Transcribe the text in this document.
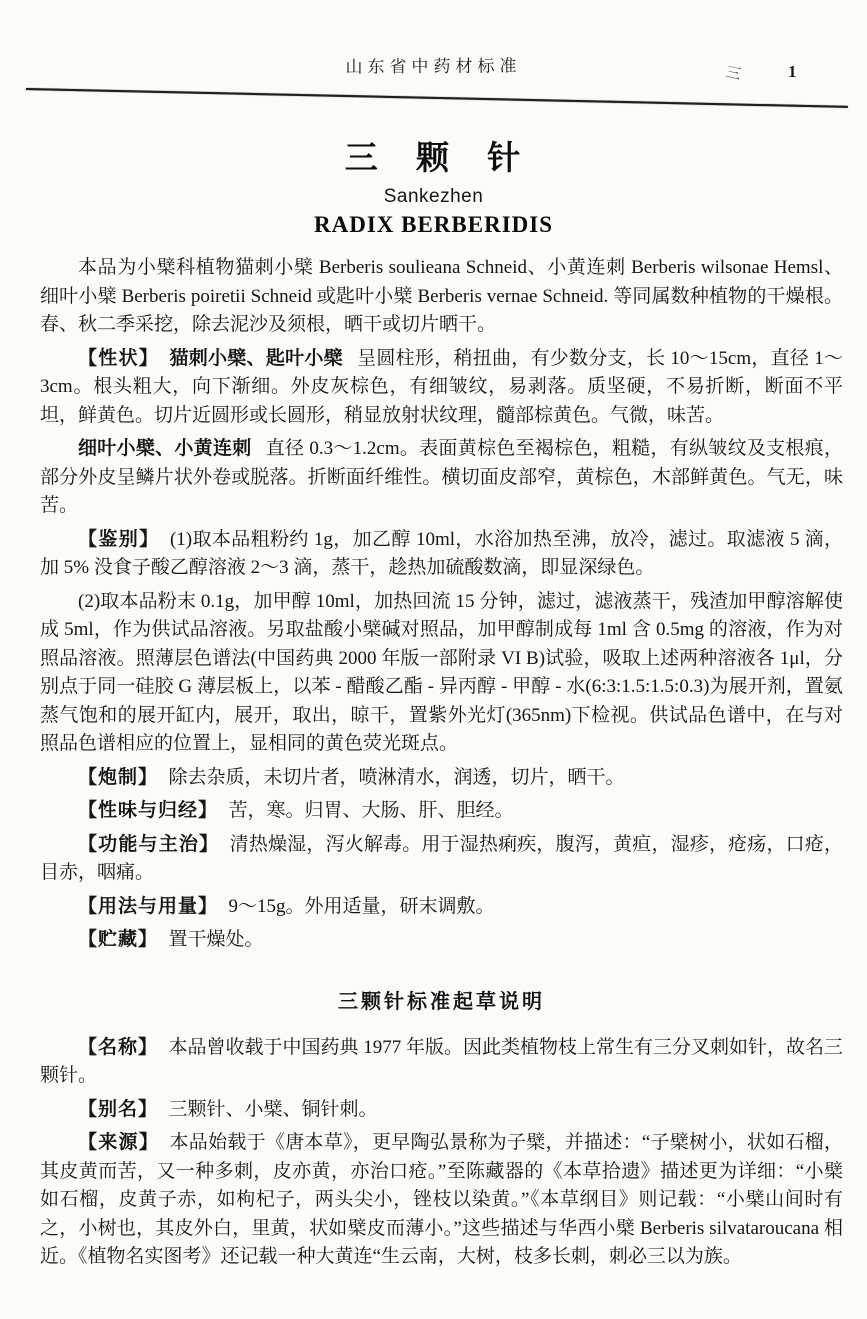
山东省中药材标准	三	1
三 颗 针
Sankezhen
RADIX BERBERIDIS

本品为小檗科植物猫刺小檗 Berberis soulieana Schneid、小黄连刺 Berberis wilsonae Hemsl、细叶小檗 Berberis poiretii Schneid 或匙叶小檗 Berberis vernae Schneid. 等同属数种植物的干燥根。春、秋二季采挖，除去泥沙及须根，晒干或切片晒干。

【性状】 猫刺小檗、匙叶小檗 呈圆柱形，稍扭曲，有少数分支，长 10～15cm，直径 1～3cm。根头粗大，向下渐细。外皮灰棕色，有细皱纹，易剥落。质坚硬，不易折断，断面不平坦，鲜黄色。切片近圆形或长圆形，稍显放射状纹理，髓部棕黄色。气微，味苦。

细叶小檗、小黄连刺 直径 0.3～1.2cm。表面黄棕色至褐棕色，粗糙，有纵皱纹及支根痕，部分外皮呈鳞片状外卷或脱落。折断面纤维性。横切面皮部窄，黄棕色，木部鲜黄色。气无，味苦。

【鉴别】 (1)取本品粗粉约 1g，加乙醇 10ml，水浴加热至沸，放冷，滤过。取滤液 5 滴，加 5% 没食子酸乙醇溶液 2～3 滴，蒸干，趁热加硫酸数滴，即显深绿色。

(2)取本品粉末 0.1g，加甲醇 10ml，加热回流 15 分钟，滤过，滤液蒸干，残渣加甲醇溶解使成 5ml，作为供试品溶液。另取盐酸小檗碱对照品，加甲醇制成每 1ml 含 0.5mg 的溶液，作为对照品溶液。照薄层色谱法(中国药典 2000 年版一部附录 VI B)试验，吸取上述两种溶液各 1μl，分别点于同一硅胶 G 薄层板上，以苯 - 醋酸乙酯 - 异丙醇 - 甲醇 - 水(6:3:1.5:1.5:0.3)为展开剂，置氨蒸气饱和的展开缸内，展开，取出，晾干，置紫外光灯(365nm)下检视。供试品色谱中，在与对照品色谱相应的位置上，显相同的黄色荧光斑点。

【炮制】 除去杂质，未切片者，喷淋清水，润透，切片，晒干。

【性味与归经】 苦，寒。归胃、大肠、肝、胆经。

【功能与主治】 清热燥湿，泻火解毒。用于湿热痢疾，腹泻，黄疸，湿疹，疮疡，口疮，目赤，咽痛。

【用法与用量】 9～15g。外用适量，研末调敷。

【贮藏】 置干燥处。

三颗针标准起草说明

【名称】 本品曾收载于中国药典 1977 年版。因此类植物枝上常生有三分叉刺如针，故名三颗针。

【别名】 三颗针、小檗、铜针刺。

【来源】 本品始载于《唐本草》，更早陶弘景称为子檗，并描述：“子檗树小，状如石榴，其皮黄而苦，又一种多刺，皮亦黄，亦治口疮。”至陈藏器的《本草拾遗》描述更为详细：“小檗如石榴，皮黄子赤，如枸杞子，两头尖小，锉枝以染黄。”《本草纲目》则记载：“小檗山间时有之，小树也，其皮外白，里黄，状如檗皮而薄小。”这些描述与华西小檗 Berberis silvataroucana 相近。《植物名实图考》还记载一种大黄连“生云南，大树，枝多长刺，刺必三以为族。
